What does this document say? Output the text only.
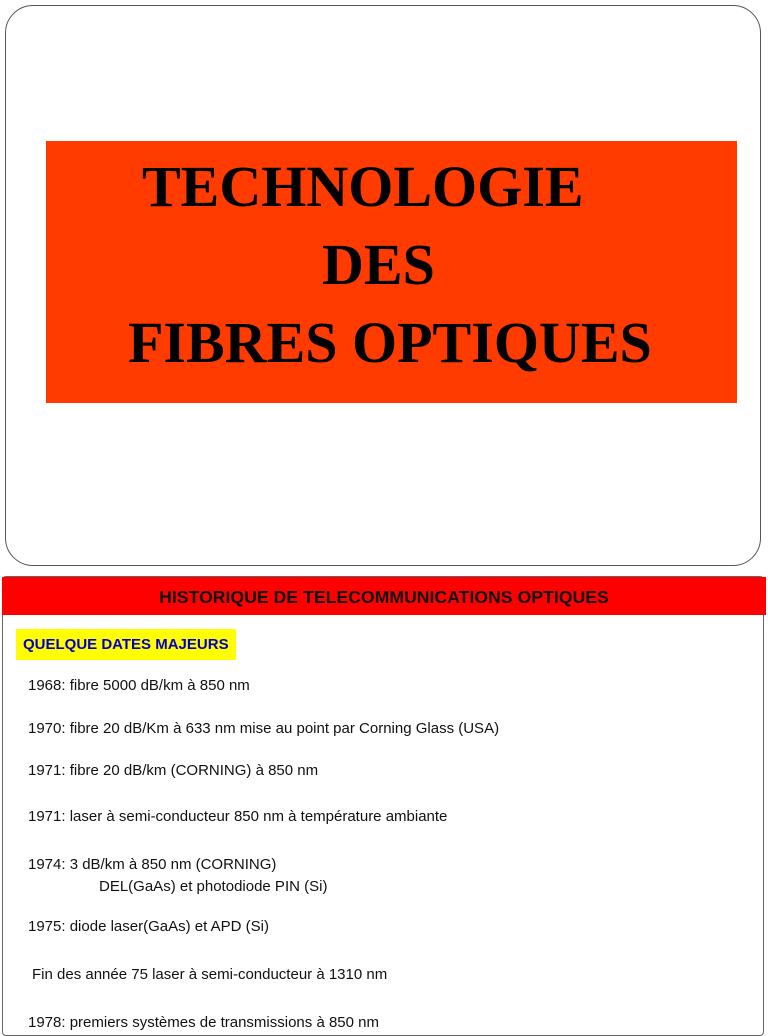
TECHNOLOGIE
DES
FIBRES OPTIQUES
HISTORIQUE DE TELECOMMUNICATIONS OPTIQUES
QUELQUE DATES MAJEURS
1968: fibre 5000 dB/km à 850 nm
1970: fibre 20 dB/Km à 633 nm mise au point par Corning Glass (USA)
1971: fibre 20 dB/km (CORNING) à 850 nm
1971: laser à semi-conducteur 850 nm à température ambiante
1974: 3 dB/km à 850 nm (CORNING)
DEL(GaAs) et photodiode PIN (Si)
1975: diode laser(GaAs) et APD (Si)
Fin des année 75 laser à semi-conducteur à 1310 nm
1978: premiers systèmes de transmissions à 850 nm
